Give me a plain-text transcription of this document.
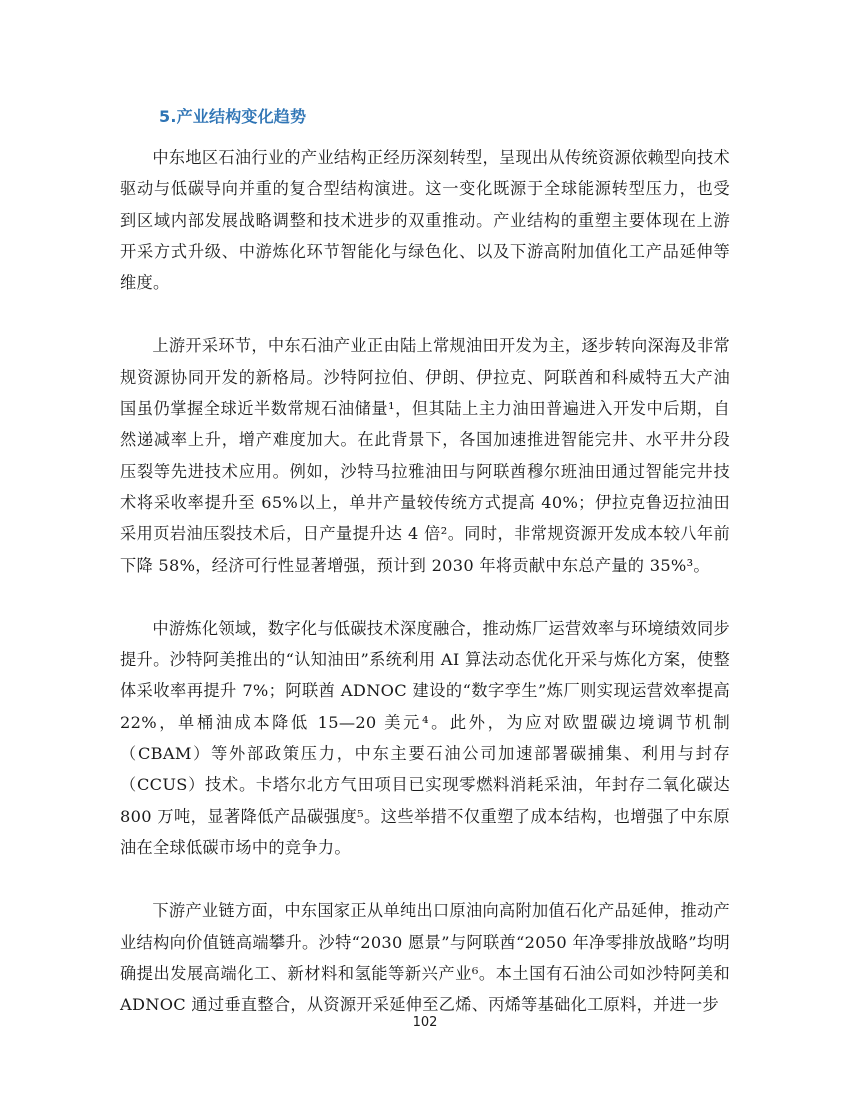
5.产业结构变化趋势

中东地区石油行业的产业结构正经历深刻转型，呈现出从传统资源依赖型向技术驱动与低碳导向并重的复合型结构演进。这一变化既源于全球能源转型压力，也受到区域内部发展战略调整和技术进步的双重推动。产业结构的重塑主要体现在上游开采方式升级、中游炼化环节智能化与绿色化、以及下游高附加值化工产品延伸等维度。

上游开采环节，中东石油产业正由陆上常规油田开发为主，逐步转向深海及非常规资源协同开发的新格局。沙特阿拉伯、伊朗、伊拉克、阿联酋和科威特五大产油国虽仍掌握全球近半数常规石油储量¹，但其陆上主力油田普遍进入开发中后期，自然递减率上升，增产难度加大。在此背景下，各国加速推进智能完井、水平井分段压裂等先进技术应用。例如，沙特马拉雅油田与阿联酋穆尔班油田通过智能完井技术将采收率提升至 65%以上，单井产量较传统方式提高 40%；伊拉克鲁迈拉油田采用页岩油压裂技术后，日产量提升达 4 倍²。同时，非常规资源开发成本较八年前下降 58%，经济可行性显著增强，预计到 2030 年将贡献中东总产量的 35%³。

中游炼化领域，数字化与低碳技术深度融合，推动炼厂运营效率与环境绩效同步提升。沙特阿美推出的“认知油田”系统利用 AI 算法动态优化开采与炼化方案，使整体采收率再提升 7%；阿联酋 ADNOC 建设的“数字孪生”炼厂则实现运营效率提高 22%，单桶油成本降低 15—20 美元⁴。此外，为应对欧盟碳边境调节机制（CBAM）等外部政策压力，中东主要石油公司加速部署碳捕集、利用与封存（CCUS）技术。卡塔尔北方气田项目已实现零燃料消耗采油，年封存二氧化碳达 800 万吨，显著降低产品碳强度⁵。这些举措不仅重塑了成本结构，也增强了中东原油在全球低碳市场中的竞争力。

下游产业链方面，中东国家正从单纯出口原油向高附加值石化产品延伸，推动产业结构向价值链高端攀升。沙特“2030 愿景”与阿联酋“2050 年净零排放战略”均明确提出发展高端化工、新材料和氢能等新兴产业⁶。本土国有石油公司如沙特阿美和 ADNOC 通过垂直整合，从资源开采延伸至乙烯、丙烯等基础化工原料，并进一步

102
